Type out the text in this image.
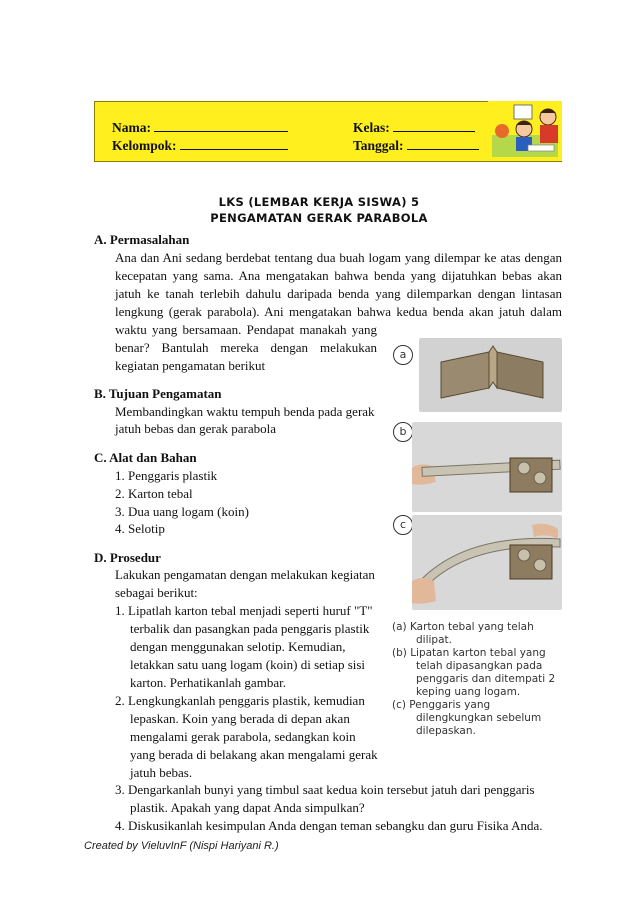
Nama:
Kelompok:
Kelas:
Tanggal:
LKS (LEMBAR KERJA SISWA) 5
PENGAMATAN GERAK PARABOLA
A. Permasalahan
Ana dan Ani sedang berdebat tentang dua buah logam yang dilempar ke atas dengan
kecepatan yang sama. Ana mengatakan bahwa benda yang dijatuhkan bebas akan
jatuh ke tanah terlebih dahulu daripada benda yang dilemparkan dengan lintasan
lengkung (gerak parabola). Ani mengatakan bahwa kedua benda akan jatuh dalam
waktu yang bersamaan. Pendapat manakah yang
benar? Bantulah mereka dengan melakukan
kegiatan pengamatan berikut
B. Tujuan Pengamatan
Membandingkan waktu tempuh benda pada gerak
jatuh bebas dan gerak parabola
C. Alat dan Bahan
1. Penggaris plastik
2. Karton tebal
3. Dua uang logam (koin)
4. Selotip
D. Prosedur
Lakukan pengamatan dengan melakukan kegiatan
sebagai berikut:
1. Lipatlah karton tebal menjadi seperti huruf "T"
terbalik dan pasangkan pada penggaris plastik
dengan menggunakan selotip. Kemudian,
letakkan satu uang logam (koin) di setiap sisi
karton. Perhatikanlah gambar.
2. Lengkungkanlah penggaris plastik, kemudian
lepaskan. Koin yang berada di depan akan
mengalami gerak parabola, sedangkan koin
yang berada di belakang akan mengalami gerak
jatuh bebas.
3. Dengarkanlah bunyi yang timbul saat kedua koin tersebut jatuh dari penggaris
plastik. Apakah yang dapat Anda simpulkan?
4. Diskusikanlah kesimpulan Anda dengan teman sebangku dan guru Fisika Anda.
a
b
c
(a) Karton tebal yang telah
dilipat.
(b) Lipatan karton tebal yang
telah dipasangkan pada
penggaris dan ditempati 2
keping uang logam.
(c) Penggaris yang
dilengkungkan sebelum
dilepaskan.
Created by VieluvInF (Nispi Hariyani R.)
